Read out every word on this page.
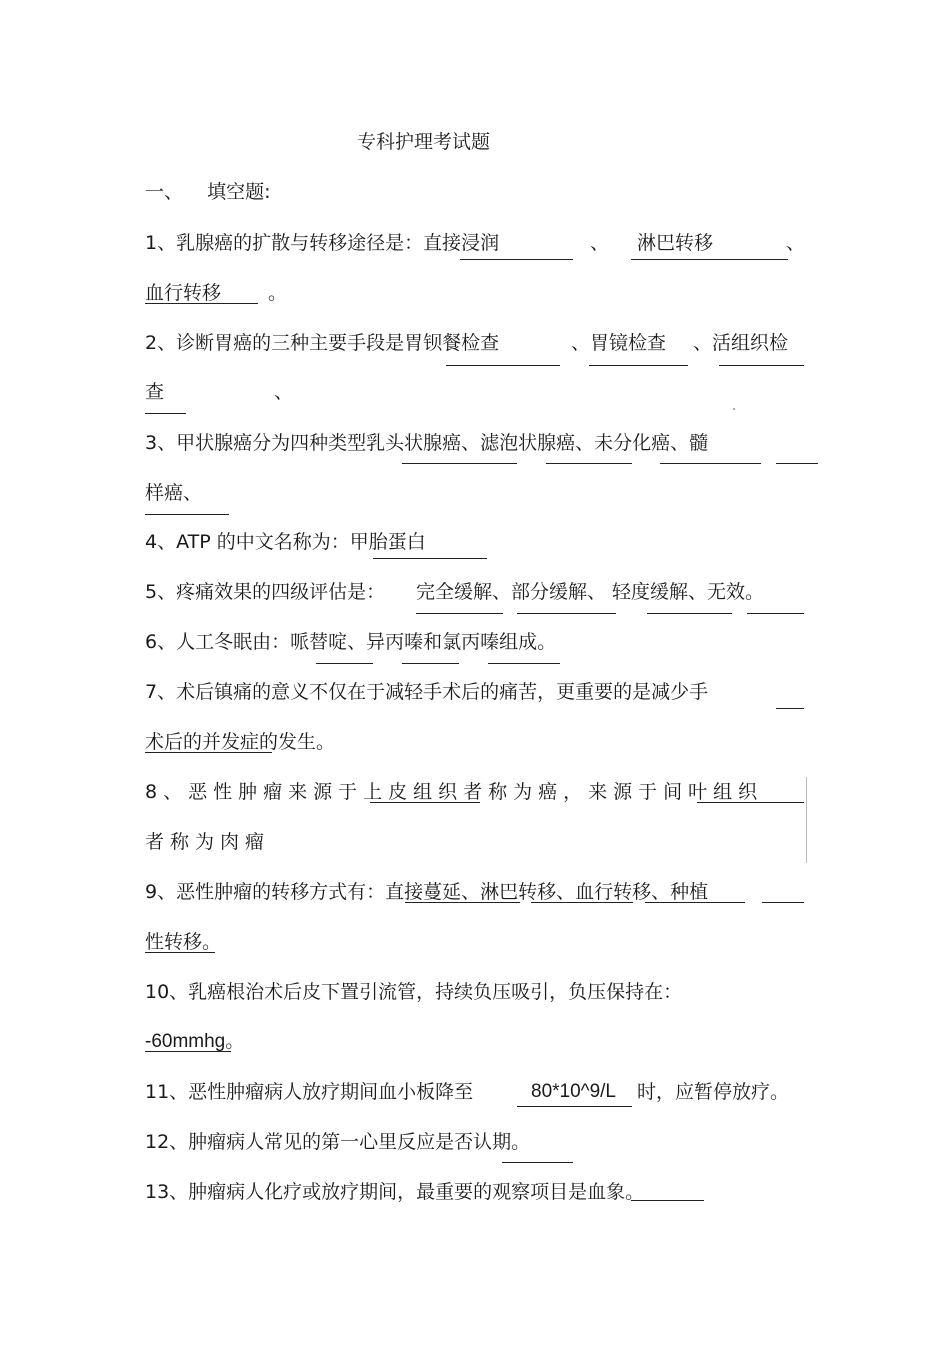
专科护理考试题
一、    填空题:
1、乳腺癌的扩散与转移途径是：直接浸润	、 淋巴转移	、
血行转移 。
2、诊断胃癌的三种主要手段是胃钡餐检查	、胃镜检查 、活组织检
查	、
3、甲状腺癌分为四种类型乳头状腺癌、滤泡状腺癌、未分化癌、髓
样癌、
4、ATP 的中文名称为：甲胎蛋白
5、疼痛效果的四级评估是： 完全缓解、部分缓解、 轻度缓解、无效。
6、人工冬眠由：哌替啶、异丙嗪和氯丙嗪组成。
7、术后镇痛的意义不仅在于减轻手术后的痛苦，更重要的是减少手
术后的并发症的发生。
8、恶性肿瘤来源于上皮组织者称为癌，来源于间叶组织
者称为肉瘤
9、恶性肿瘤的转移方式有：直接蔓延、淋巴转移、血行转移、种植
性转移。
10、乳癌根治术后皮下置引流管，持续负压吸引，负压保持在：
-60mmhg。
11、恶性肿瘤病人放疗期间血小板降至	80*10^9/L 时，应暂停放疗。
12、肿瘤病人常见的第一心里反应是否认期。
13、肿瘤病人化疗或放疗期间，最重要的观察项目是血象。
